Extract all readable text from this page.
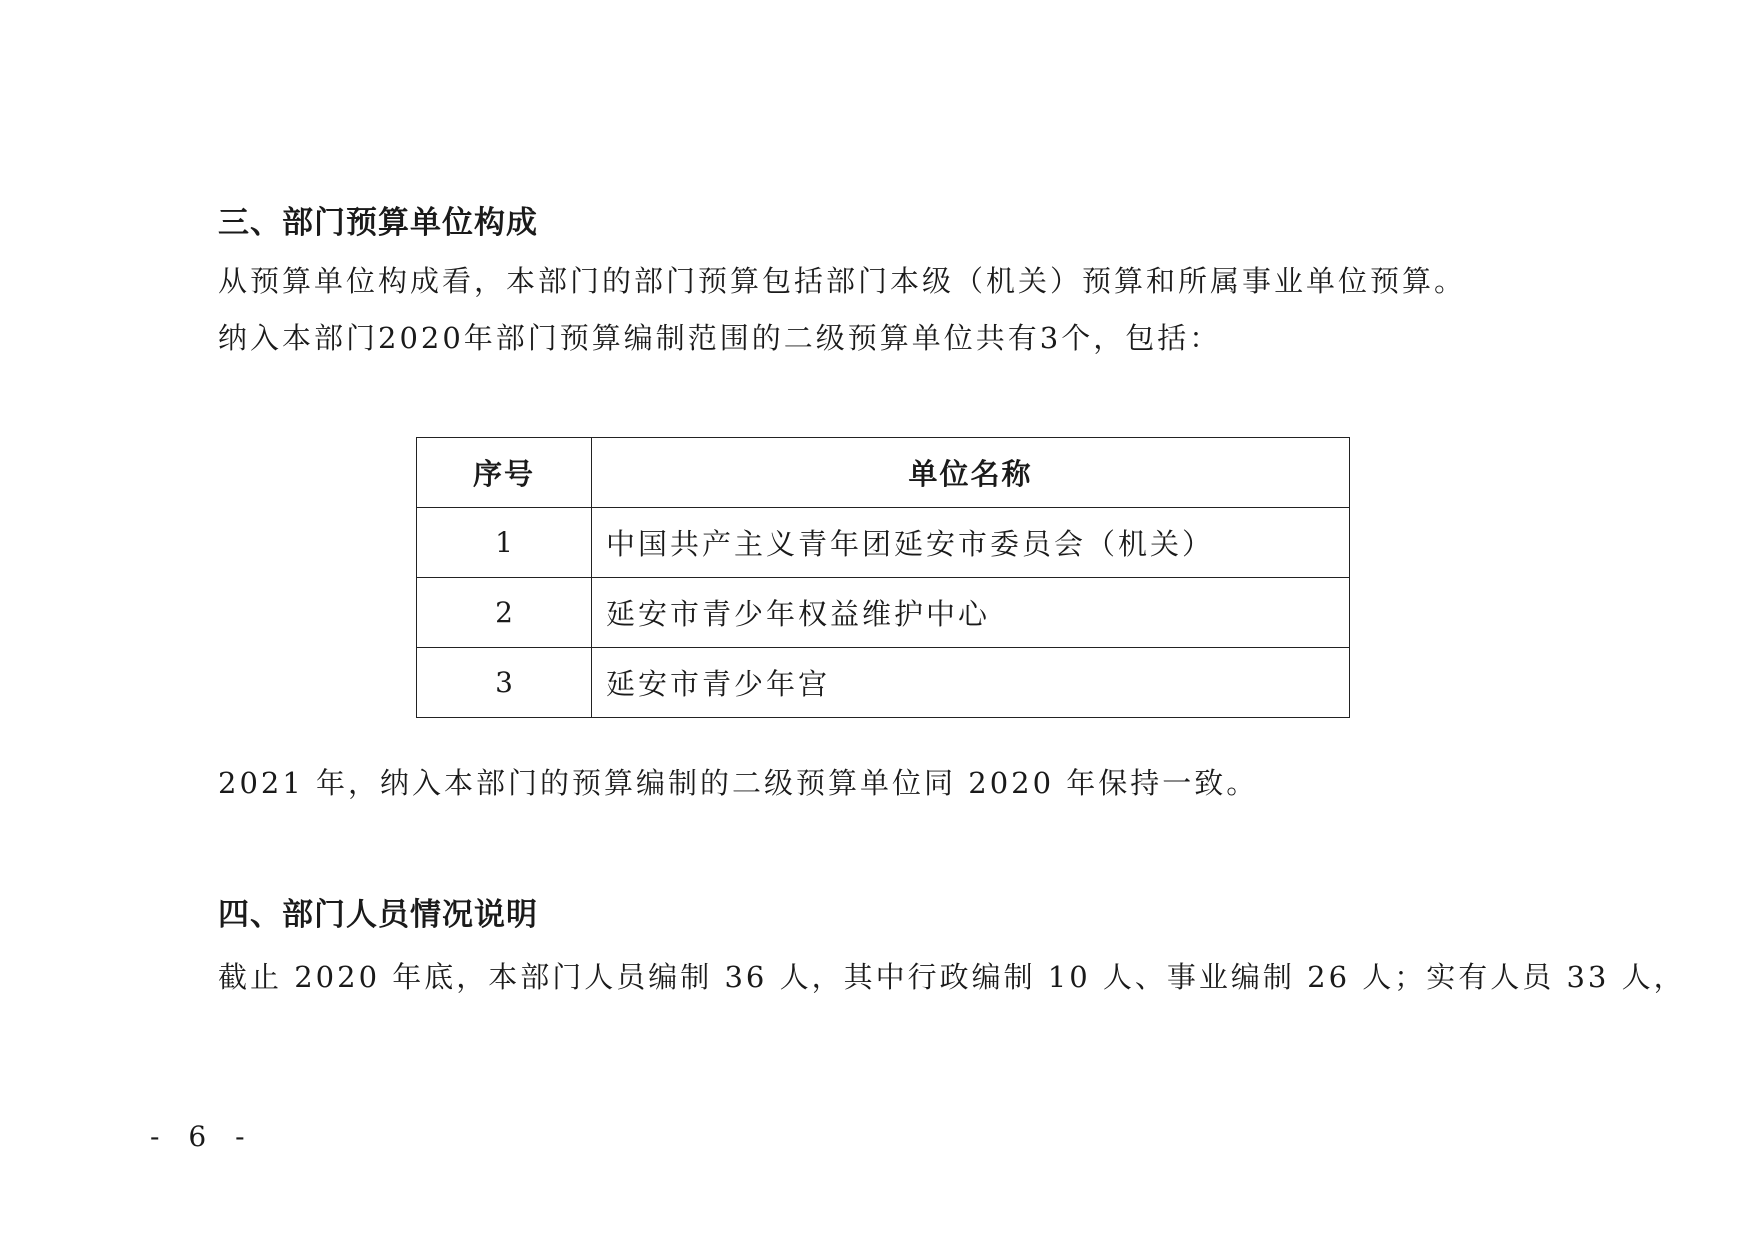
三、部门预算单位构成
从预算单位构成看，本部门的部门预算包括部门本级（机关）预算和所属事业单位预算。
纳入本部门2020年部门预算编制范围的二级预算单位共有3个，包括：
序号	单位名称
1	中国共产主义青年团延安市委员会（机关）
2	延安市青少年权益维护中心
3	延安市青少年宫
2021 年，纳入本部门的预算编制的二级预算单位同 2020 年保持一致。
四、部门人员情况说明
截止 2020 年底，本部门人员编制 36 人，其中行政编制 10 人、事业编制 26 人；实有人员 33 人，
- 6 -
